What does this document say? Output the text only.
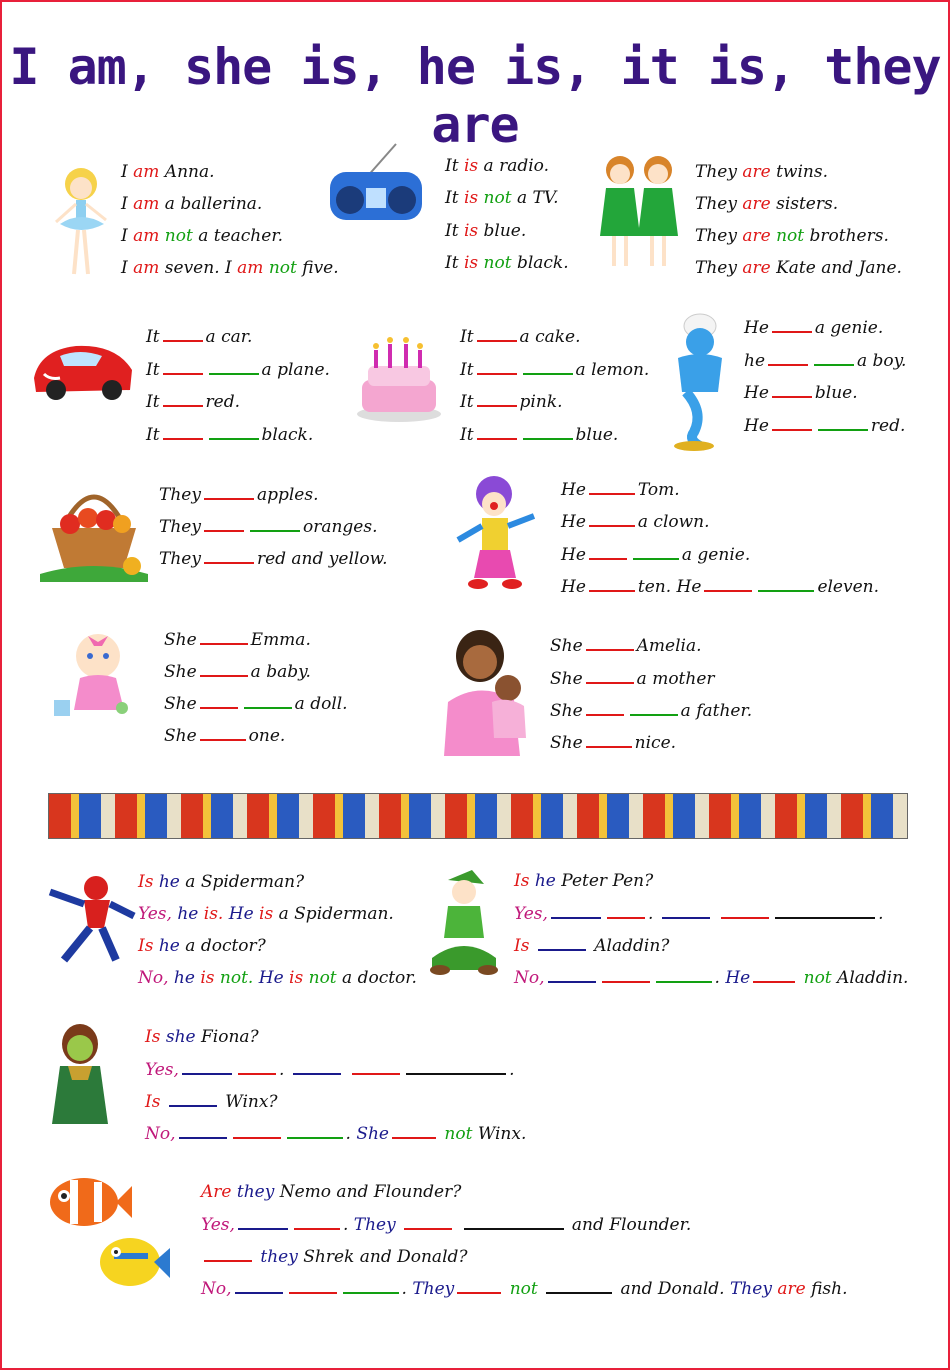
I am, she is, he is, it is, they are
I am Anna.
I am a ballerina.
I am not a teacher.
I am seven. I am not five.
It is a radio.
It is not a TV.
It is blue.
It is not black.
They are twins.
They are sisters.
They are not brothers.
They are Kate and Jane.
It	a car.
It	a plane.
It	red.
It	black.
It	a cake.
It	a lemon.
It	pink.
It	blue.
He	a genie.
he	a boy.
He	blue.
He	red.
They	apples.
They	oranges.
They	red and yellow.
He	Tom.
He	a clown.
He	a genie.
He	ten. He	eleven.
She	Emma.
She	a baby.
She	a doll.
She	one.
She	Amelia.
She	a mother
She	a father.
She	nice.
Is he a Spiderman?
Yes, he is. He is a Spiderman.
Is he a doctor?
No, he is not. He is not a doctor.
Is he Peter Pen?
Yes,	.	.
Is	Aladdin?
No,	. He	not Aladdin.
Is she Fiona?
Yes,	.	.
Is	Winx?
No,	. She	not Winx.
Are they Nemo and Flounder?
Yes,	. They	and Flounder.
they Shrek and Donald?
No,	. They	not	and Donald. They are fish.
